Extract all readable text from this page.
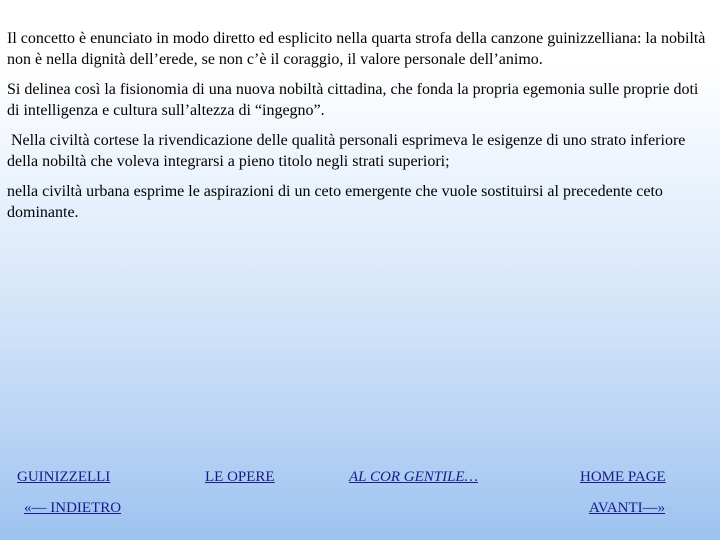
Il concetto è enunciato in modo diretto ed esplicito nella quarta strofa della canzone guinizzelliana: la nobiltà non è nella dignità dell’erede, se non c’è il coraggio, il valore personale dell’animo.

Si delinea così la fisionomia di una nuova nobiltà cittadina, che fonda la propria egemonia sulle proprie doti di intelligenza e cultura sull’altezza di “ingegno”.

Nella civiltà cortese la rivendicazione delle qualità personali esprimeva le esigenze di uno strato inferiore della nobiltà che voleva integrarsi a pieno titolo negli strati superiori;

nella civiltà urbana esprime le aspirazioni di un ceto emergente che vuole sostituirsi al precedente ceto dominante.

GUINIZZELLI	LE OPERE	AL COR GENTILE…	HOME PAGE
«— INDIETRO	AVANTI—»
